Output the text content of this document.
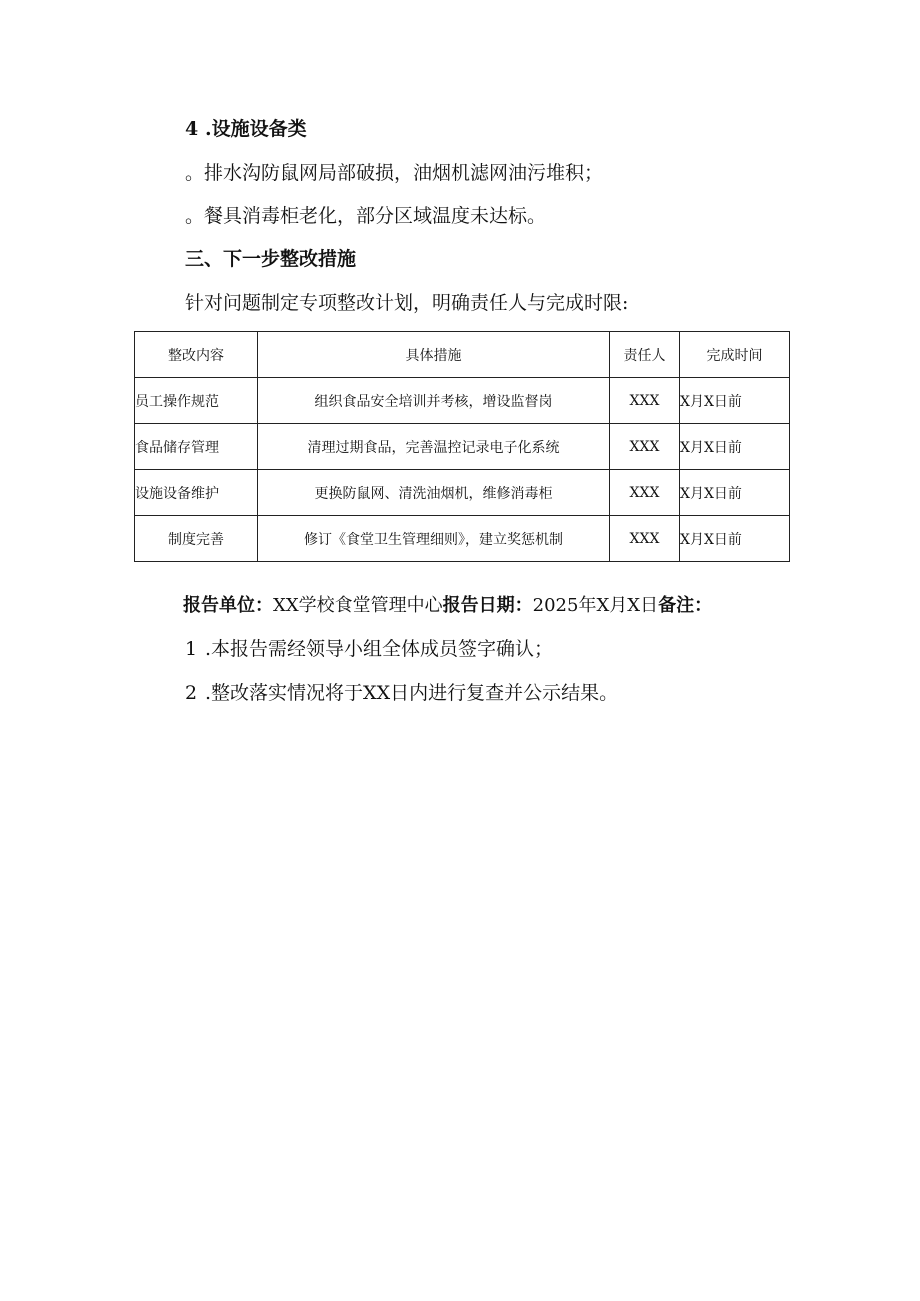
4 .设施设备类
。排水沟防鼠网局部破损，油烟机滤网油污堆积；
。餐具消毒柜老化，部分区域温度未达标。
三、下一步整改措施
针对问题制定专项整改计划，明确责任人与完成时限:
整改内容	具体措施	责任人	完成时间
员工操作规范	组织食品安全培训并考核，增设监督岗	XXX	X月X日前
食品储存管理	清理过期食品，完善温控记录电子化系统	XXX	X月X日前
设施设备维护	更换防鼠网、清洗油烟机，维修消毒柜	XXX	X月X日前
制度完善	修订《食堂卫生管理细则》，建立奖惩机制	XXX	X月X日前
报告单位：XX学校食堂管理中心报告日期：2025年X月X日备注：
1 .本报告需经领导小组全体成员签字确认；
2 .整改落实情况将于XX日内进行复查并公示结果。
